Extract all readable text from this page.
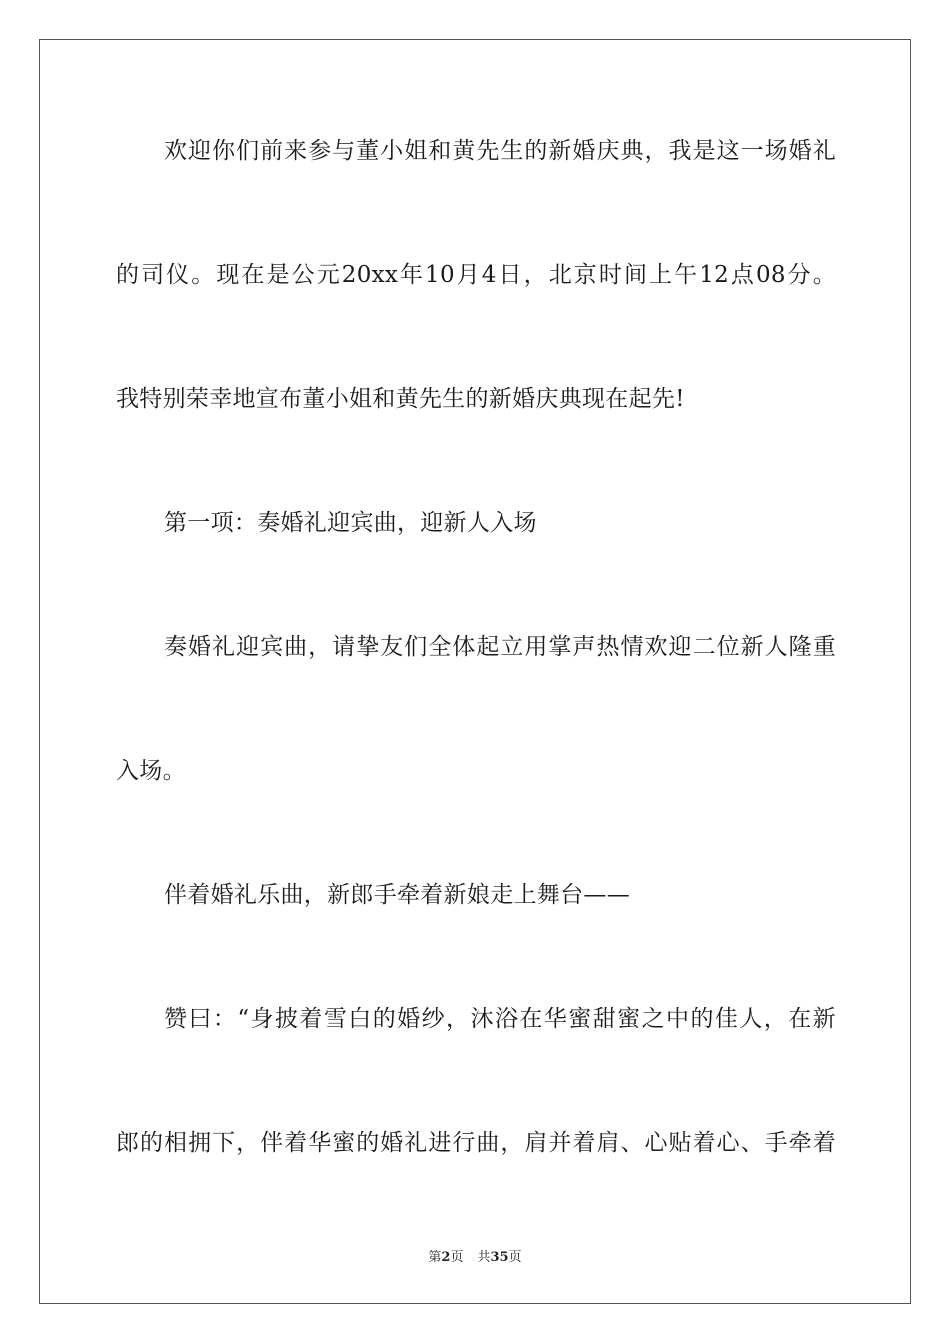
欢迎你们前来参与董小姐和黄先生的新婚庆典，我是这一场婚礼
的司仪。现在是公元20xx年10月4日，北京时间上午12点08分。
我特别荣幸地宣布董小姐和黄先生的新婚庆典现在起先!
第一项：奏婚礼迎宾曲，迎新人入场
奏婚礼迎宾曲，请挚友们全体起立用掌声热情欢迎二位新人隆重
入场。
伴着婚礼乐曲，新郎手牵着新娘走上舞台——
赞曰：“身披着雪白的婚纱，沐浴在华蜜甜蜜之中的佳人，在新
郎的相拥下，伴着华蜜的婚礼进行曲，肩并着肩、心贴着心、手牵着
第2页 共35页
